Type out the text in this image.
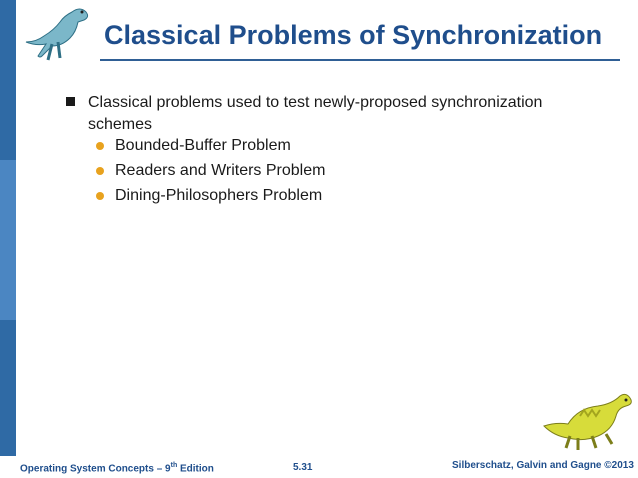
Classical Problems of Synchronization
Classical problems used to test newly-proposed synchronization schemes
Bounded-Buffer Problem
Readers and Writers Problem
Dining-Philosophers Problem
Operating System Concepts – 9th Edition	5.31	Silberschatz, Galvin and Gagne ©2013
